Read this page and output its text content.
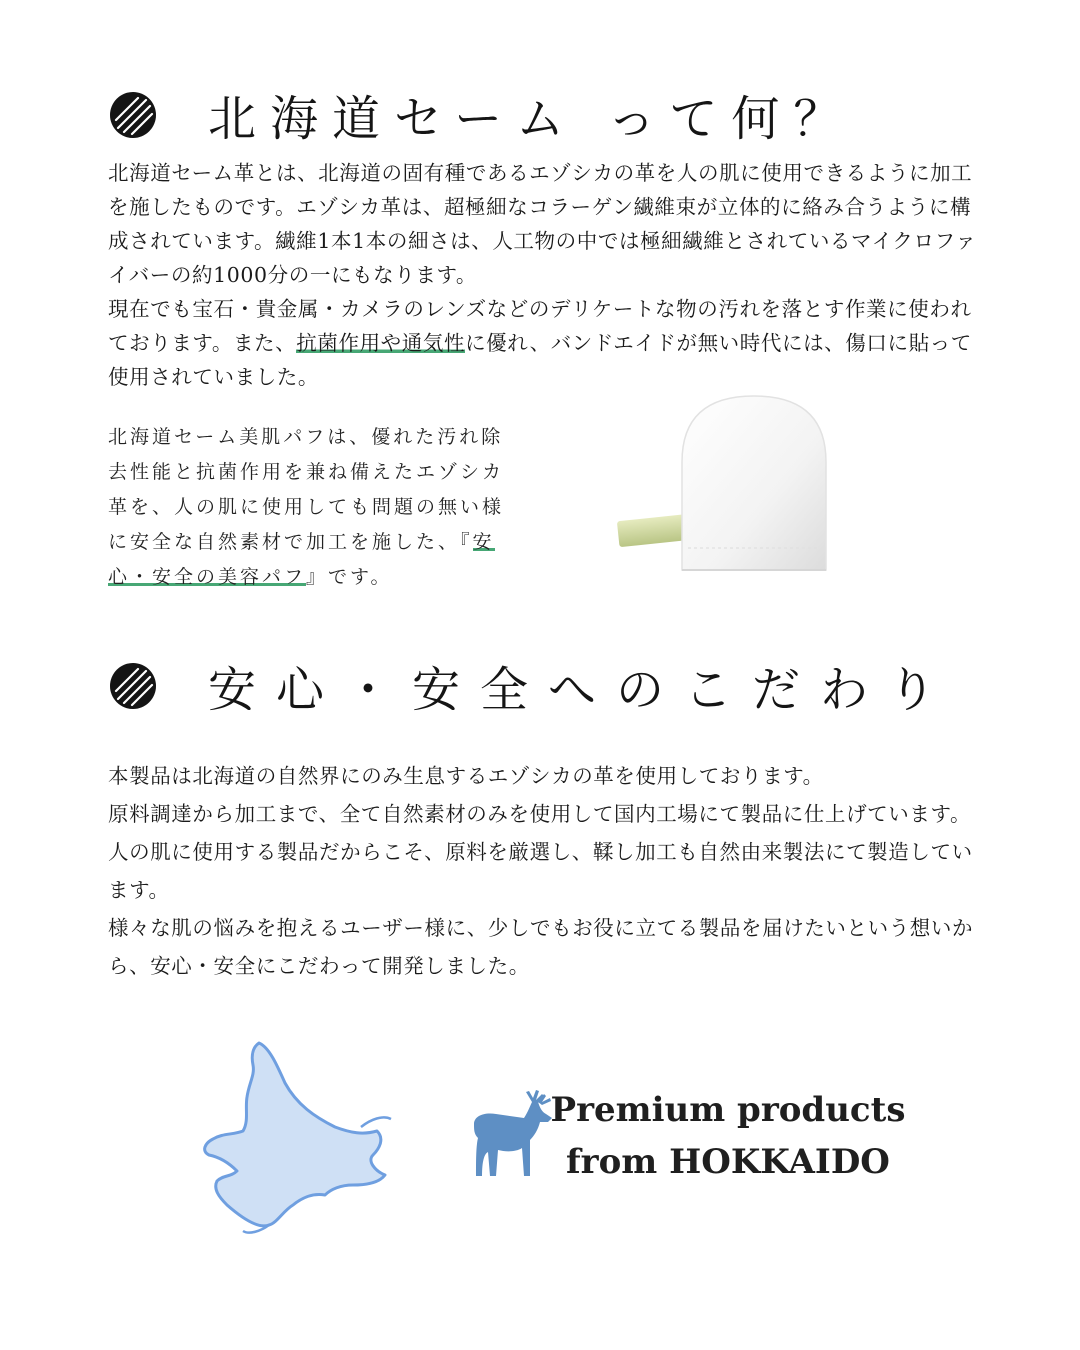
北海道セーム って何？

北海道セーム革とは、北海道の固有種であるエゾシカの革を人の肌に使用できるように加工を施したものです。エゾシカ革は、超極細なコラーゲン繊維束が立体的に絡み合うように構成されています。繊維1本1本の細さは、人工物の中では極細繊維とされているマイクロファイバーの約1000分の一にもなります。

現在でも宝石・貴金属・カメラのレンズなどのデリケートな物の汚れを落とす作業に使われております。また、抗菌作用や通気性に優れ、バンドエイドが無い時代には、傷口に貼って使用されていました。

北海道セーム美肌パフは、優れた汚れ除去性能と抗菌作用を兼ね備えたエゾシカ革を、人の肌に使用しても問題の無い様に安全な自然素材で加工を施した、『安心・安全の美容パフ』です。

安心・安全へのこだわり

本製品は北海道の自然界にのみ生息するエゾシカの革を使用しております。

原料調達から加工まで、全て自然素材のみを使用して国内工場にて製品に仕上げています。

人の肌に使用する製品だからこそ、原料を厳選し、鞣し加工も自然由来製法にて製造しています。

様々な肌の悩みを抱えるユーザー様に、少しでもお役に立てる製品を届けたいという想いから、安心・安全にこだわって開発しました。

Premium products
from HOKKAIDO
